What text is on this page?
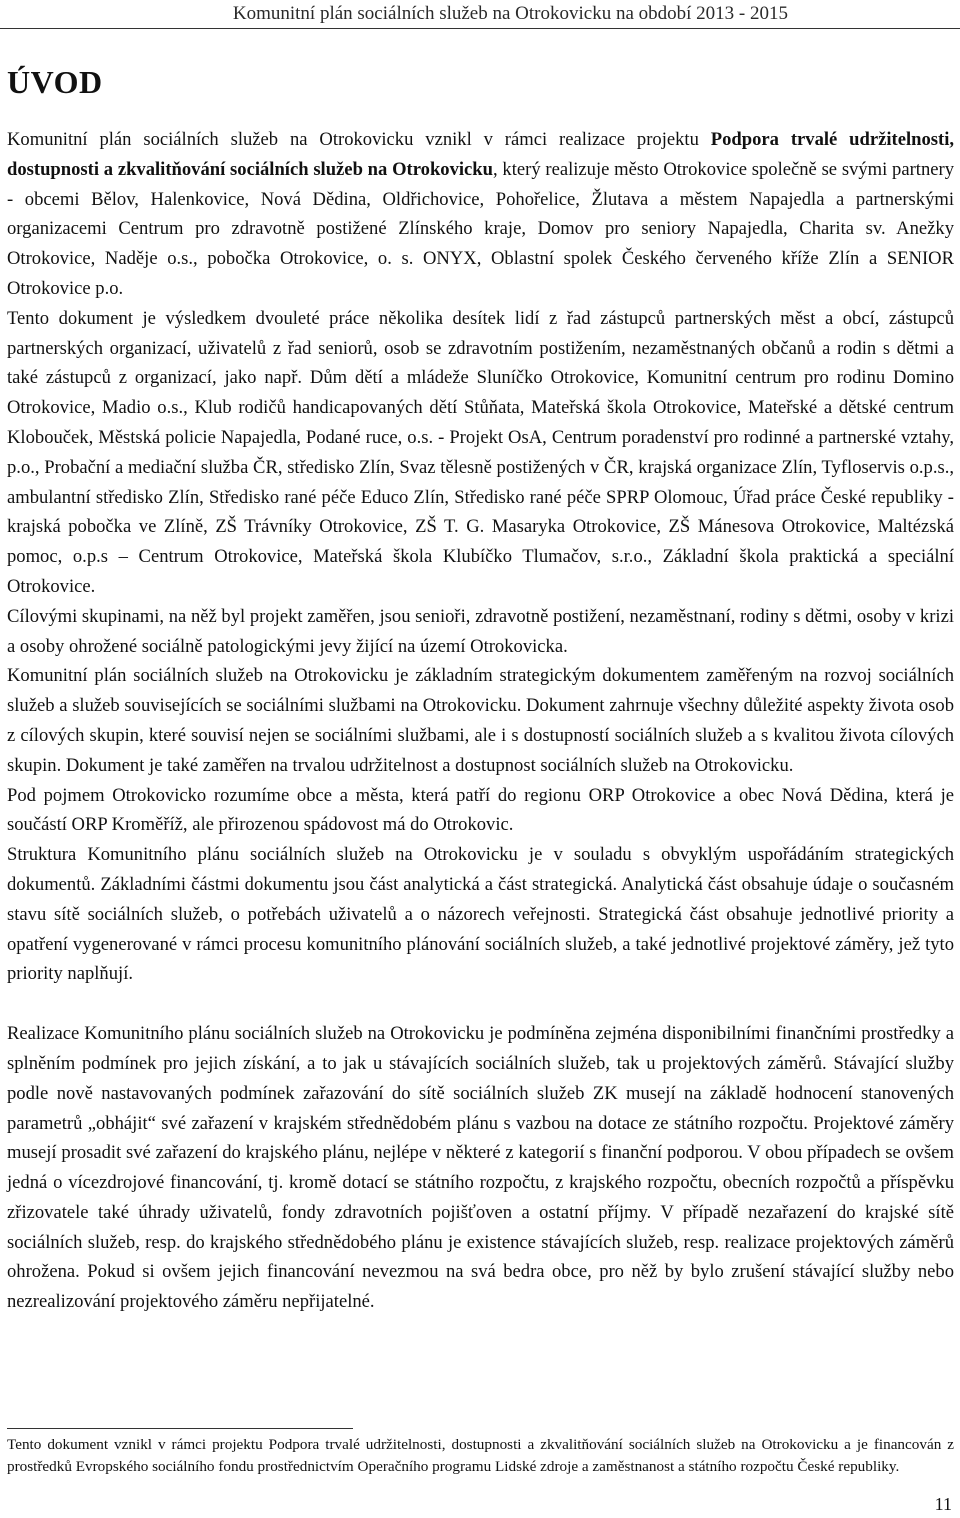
Komunitní plán sociálních služeb na Otrokovicku na období 2013 - 2015
ÚVOD

Komunitní plán sociálních služeb na Otrokovicku vznikl v rámci realizace projektu Podpora trvalé udržitelnosti, dostupnosti a zkvalitňování sociálních služeb na Otrokovicku, který realizuje město Otrokovice společně se svými partnery - obcemi Bělov, Halenkovice, Nová Dědina, Oldřichovice, Pohořelice, Žlutava a městem Napajedla a partnerskými organizacemi Centrum pro zdravotně postižené Zlínského kraje, Domov pro seniory Napajedla, Charita sv. Anežky Otrokovice, Naděje o.s., pobočka Otrokovice, o. s. ONYX, Oblastní spolek Českého červeného kříže Zlín a SENIOR Otrokovice p.o.

Tento dokument je výsledkem dvouleté práce několika desítek lidí z řad zástupců partnerských měst a obcí, zástupců partnerských organizací, uživatelů z řad seniorů, osob se zdravotním postižením, nezaměstnaných občanů a rodin s dětmi a také zástupců z organizací, jako např. Dům dětí a mládeže Sluníčko Otrokovice, Komunitní centrum pro rodinu Domino Otrokovice, Madio o.s., Klub rodičů handicapovaných dětí Stůňata, Mateřská škola Otrokovice, Mateřské a dětské centrum Klobouček, Městská policie Napajedla, Podané ruce, o.s. - Projekt OsA, Centrum poradenství pro rodinné a partnerské vztahy, p.o., Probační a mediační služba ČR, středisko Zlín, Svaz tělesně postižených v ČR, krajská organizace Zlín, Tyfloservis o.p.s., ambulantní středisko Zlín, Středisko rané péče Educo Zlín, Středisko rané péče SPRP Olomouc, Úřad práce České republiky - krajská pobočka ve Zlíně, ZŠ Trávníky Otrokovice, ZŠ T. G. Masaryka Otrokovice, ZŠ Mánesova Otrokovice, Maltézská pomoc, o.p.s – Centrum Otrokovice, Mateřská škola Klubíčko Tlumačov, s.r.o., Základní škola praktická a speciální Otrokovice.

Cílovými skupinami, na něž byl projekt zaměřen, jsou senioři, zdravotně postižení, nezaměstnaní, rodiny s dětmi, osoby v krizi a osoby ohrožené sociálně patologickými jevy žijící na území Otrokovicka.

Komunitní plán sociálních služeb na Otrokovicku je základním strategickým dokumentem zaměřeným na rozvoj sociálních služeb a služeb souvisejících se sociálními službami na Otrokovicku. Dokument zahrnuje všechny důležité aspekty života osob z cílových skupin, které souvisí nejen se sociálními službami, ale i s dostupností sociálních služeb a s kvalitou života cílových skupin. Dokument je také zaměřen na trvalou udržitelnost a dostupnost sociálních služeb na Otrokovicku.

Pod pojmem Otrokovicko rozumíme obce a města, která patří do regionu ORP Otrokovice a obec Nová Dědina, která je součástí ORP Kroměříž, ale přirozenou spádovost má do Otrokovic.

Struktura Komunitního plánu sociálních služeb na Otrokovicku je v souladu s obvyklým uspořádáním strategických dokumentů. Základními částmi dokumentu jsou část analytická a část strategická. Analytická část obsahuje údaje o současném stavu sítě sociálních služeb, o potřebách uživatelů a o názorech veřejnosti. Strategická část obsahuje jednotlivé priority a opatření vygenerované v rámci procesu komunitního plánování sociálních služeb, a také jednotlivé projektové záměry, jež tyto priority naplňují.

Realizace Komunitního plánu sociálních služeb na Otrokovicku je podmíněna zejména disponibilními finančními prostředky a splněním podmínek pro jejich získání, a to jak u stávajících sociálních služeb, tak u projektových záměrů. Stávající služby podle nově nastavovaných podmínek zařazování do sítě sociálních služeb ZK musejí na základě hodnocení stanovených parametrů „obhájit“ své zařazení v krajském střednědobém plánu s vazbou na dotace ze státního rozpočtu. Projektové záměry musejí prosadit své zařazení do krajského plánu, nejlépe v některé z kategorií s finanční podporou. V obou případech se ovšem jedná o vícezdrojové financování, tj. kromě dotací se státního rozpočtu, z krajského rozpočtu, obecních rozpočtů a příspěvku zřizovatele také úhrady uživatelů, fondy zdravotních pojišťoven a ostatní příjmy. V případě nezařazení do krajské sítě sociálních služeb, resp. do krajského střednědobého plánu je existence stávajících služeb, resp. realizace projektových záměrů ohrožena. Pokud si ovšem jejich financování nevezmou na svá bedra obce, pro něž by bylo zrušení stávající služby nebo nezrealizování projektového záměru nepřijatelné.

Tento dokument vznikl v rámci projektu Podpora trvalé udržitelnosti, dostupnosti a zkvalitňování sociálních služeb na Otrokovicku a je financován z prostředků Evropského sociálního fondu prostřednictvím Operačního programu Lidské zdroje a zaměstnanost a státního rozpočtu České republiky.

11
